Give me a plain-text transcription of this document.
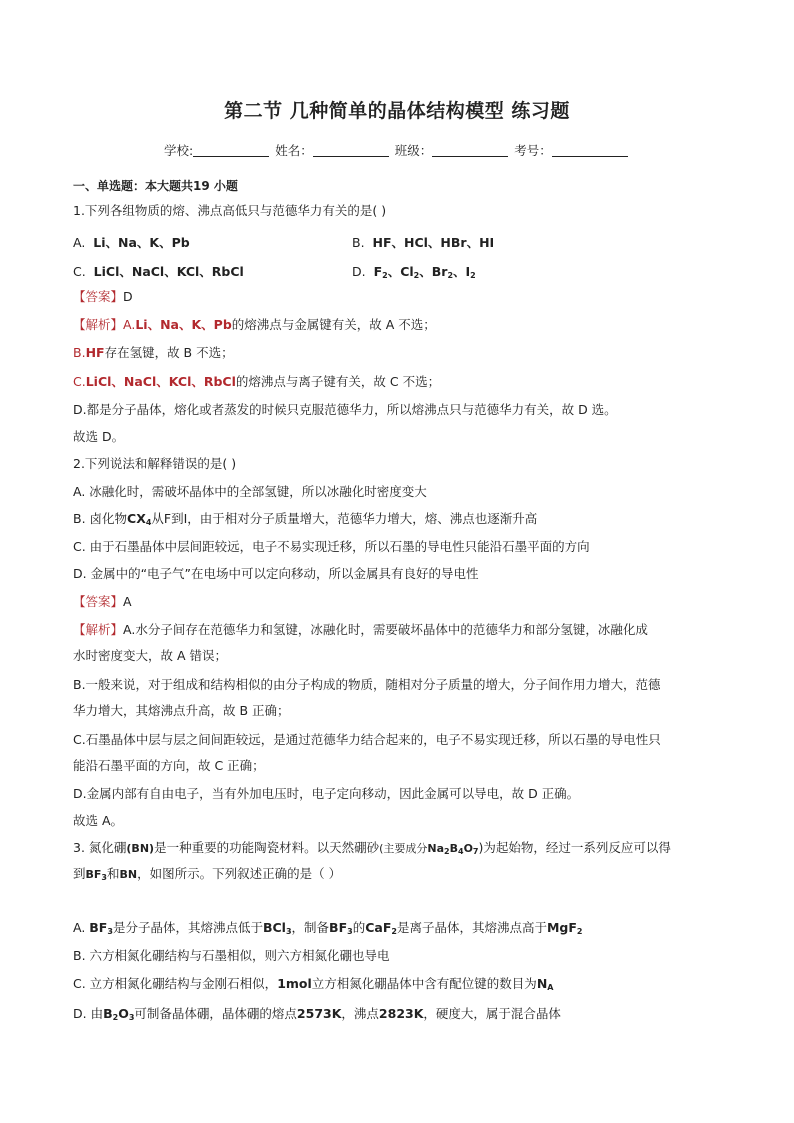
第二节 几种简单的晶体结构模型 练习题
学校:	姓名：	班级：	考号：
一、单选题：本大题共19 小题
1.下列各组物质的熔、沸点高低只与范德华力有关的是( )
A. Li、Na、K、Pb	B. HF、HCl、HBr、HI
C. LiCl、NaCl、KCl、RbCl	D. $F_2$、$Cl_2$、$Br_2$、$I_2$
【答案】D
【解析】A.Li、Na、K、Pb的熔沸点与金属键有关，故 A 不选；
B.HF存在氢键，故 B 不选；
C.LiCl、NaCl、KCl、RbCl的熔沸点与离子键有关，故 C 不选；
D.都是分子晶体，熔化或者蒸发的时候只克服范德华力，所以熔沸点只与范德华力有关，故 D 选。
故选 D。
2.下列说法和解释错误的是( )
A. 冰融化时，需破坏晶体中的全部氢键，所以冰融化时密度变大
B. 卤化物$CX_4$从F到I，由于相对分子质量增大，范德华力增大，熔、沸点也逐渐升高
C. 由于石墨晶体中层间距较远，电子不易实现迁移，所以石墨的导电性只能沿石墨平面的方向
D. 金属中的“电子气”在电场中可以定向移动，所以金属具有良好的导电性
【答案】A
【解析】A.水分子间存在范德华力和氢键，冰融化时，需要破坏晶体中的范德华力和部分氢键，冰融化成
水时密度变大，故 A 错误；
B.一般来说，对于组成和结构相似的由分子构成的物质，随相对分子质量的增大，分子间作用力增大，范德
华力增大，其熔沸点升高，故 B 正确；
C.石墨晶体中层与层之间间距较远，是通过范德华力结合起来的，电子不易实现迁移，所以石墨的导电性只
能沿石墨平面的方向，故 C 正确；
D.金属内部有自由电子，当有外加电压时，电子定向移动，因此金属可以导电，故 D 正确。
故选 A。
3. 氮化硼(BN)是一种重要的功能陶瓷材料。以天然硼砂(主要成分$Na_2B_4O_7$)为起始物，经过一系列反应可以得
到$BF_3$和BN，如图所示。下列叙述正确的是（ ）
A. $BF_3$是分子晶体，其熔沸点低于BCl$_3$，制备$BF_3$的CaF$_2$是离子晶体，其熔沸点高于MgF$_2$
B. 六方相氮化硼结构与石墨相似，则六方相氮化硼也导电
C. 立方相氮化硼结构与金刚石相似，1mol立方相氮化硼晶体中含有配位键的数目为$N_A$
D. 由$B_2O_3$可制备晶体硼，晶体硼的熔点2573K，沸点2823K，硬度大，属于混合晶体
